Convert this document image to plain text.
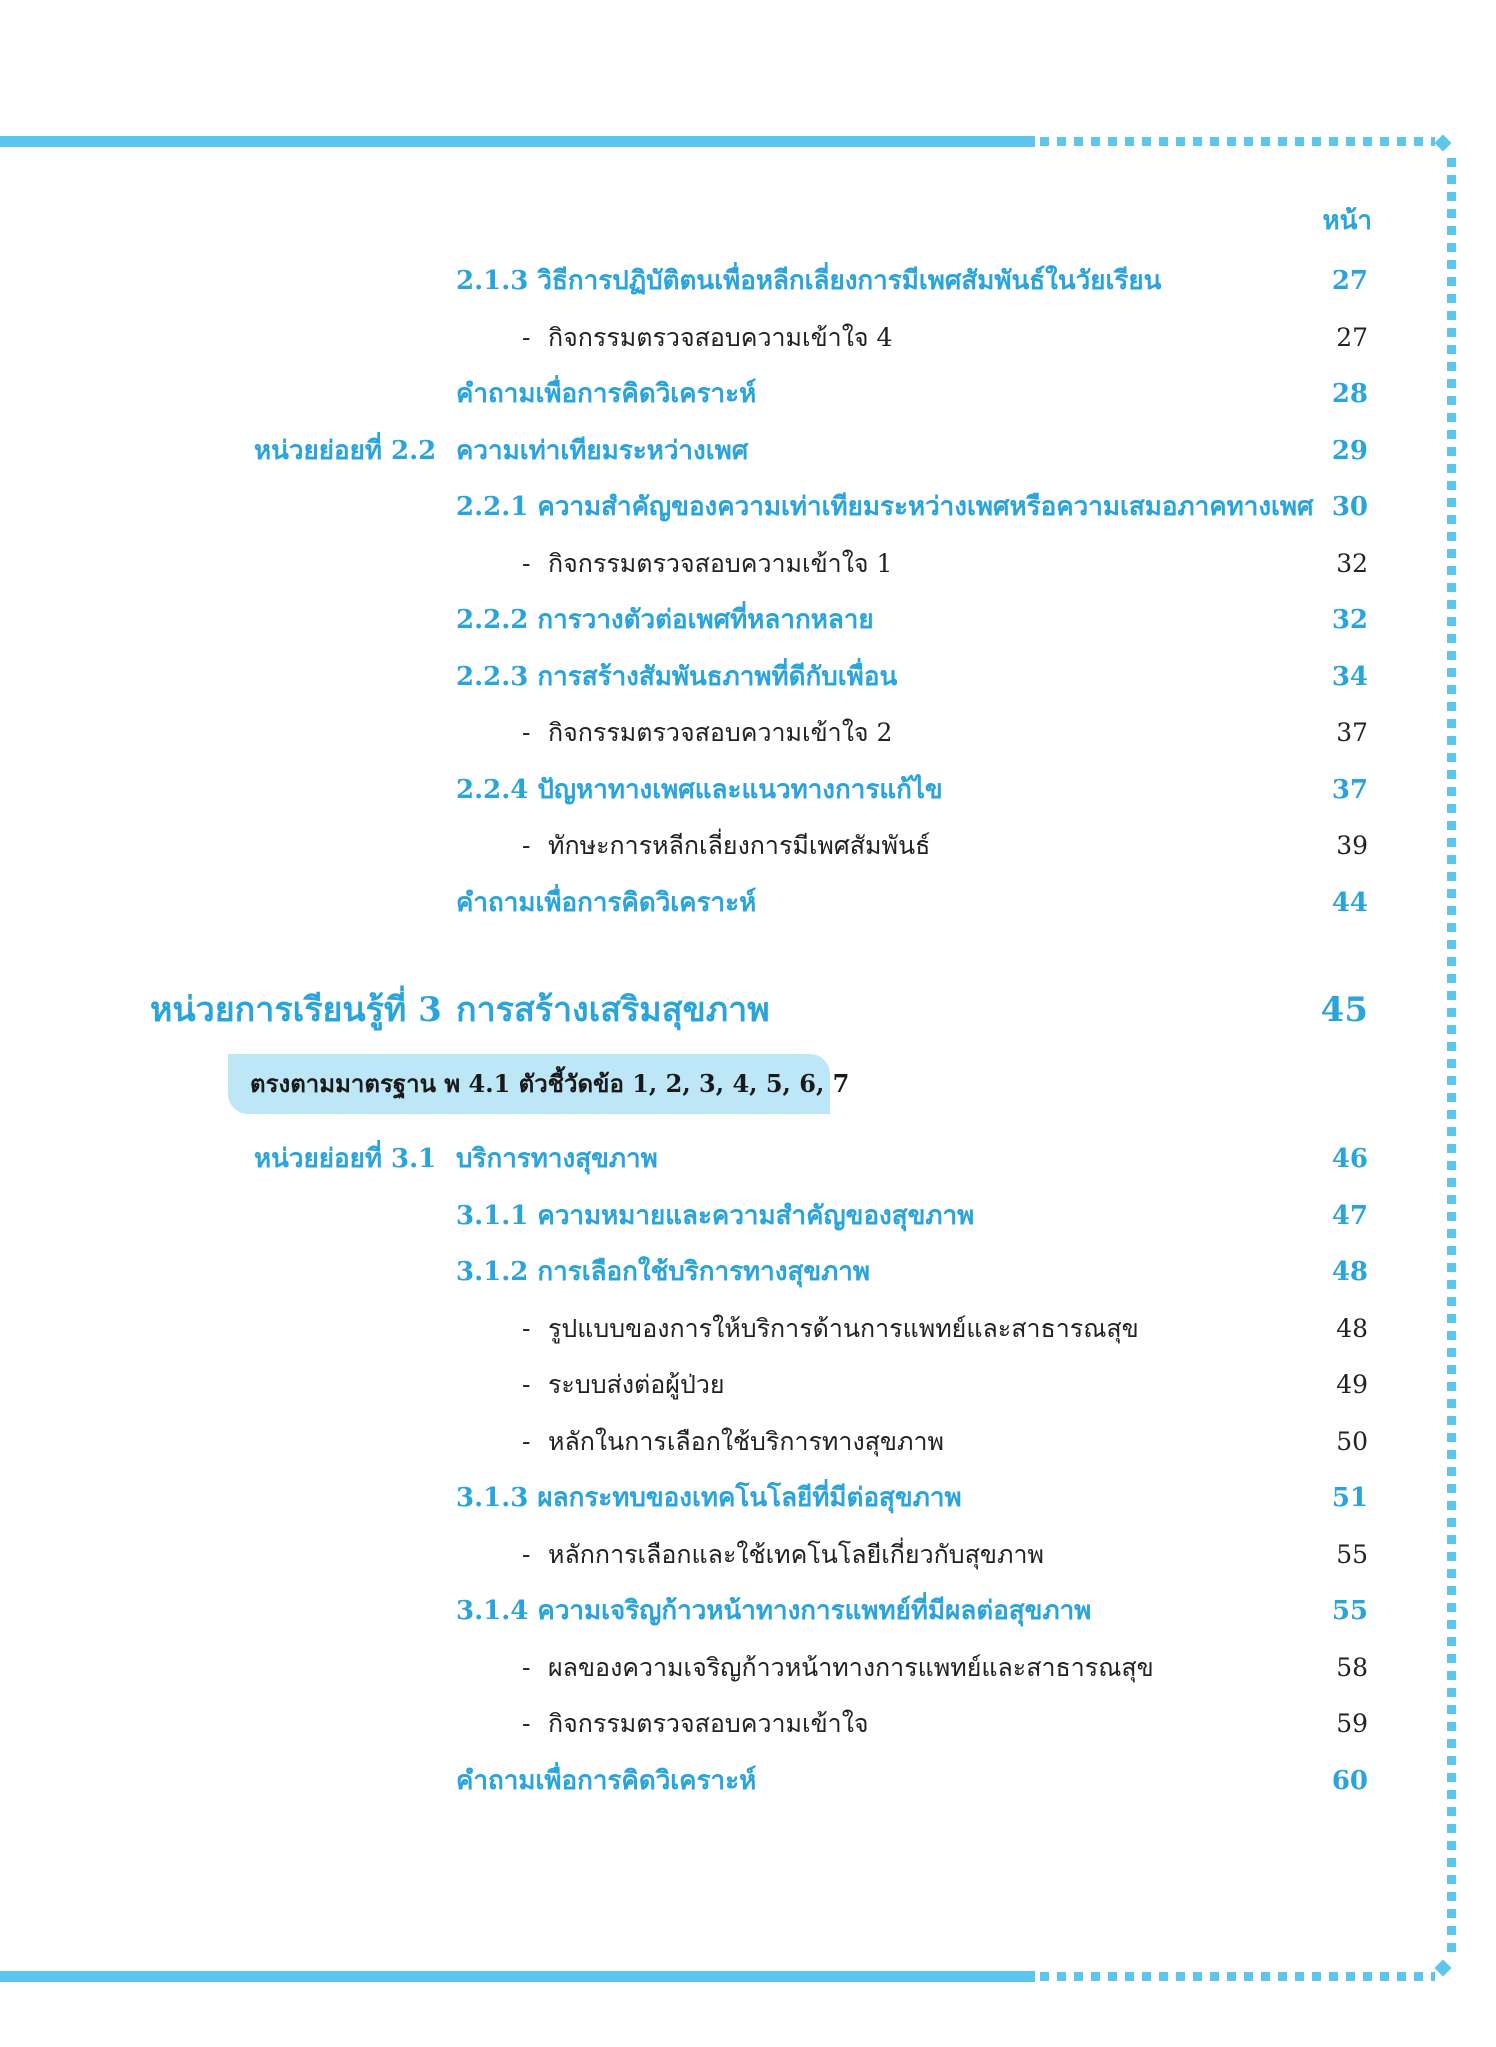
หน้า
2.1.3 วิธีการปฏิบัติตนเพื่อหลีกเลี่ยงการมีเพศสัมพันธ์ในวัยเรียน	27
- กิจกรรมตรวจสอบความเข้าใจ 4	27
คำถามเพื่อการคิดวิเคราะห์	28
หน่วยย่อยที่ 2.2 ความเท่าเทียมระหว่างเพศ	29
2.2.1 ความสำคัญของความเท่าเทียมระหว่างเพศหรือความเสมอภาคทางเพศ 30
- กิจกรรมตรวจสอบความเข้าใจ 1	32
2.2.2 การวางตัวต่อเพศที่หลากหลาย	32
2.2.3 การสร้างสัมพันธภาพที่ดีกับเพื่อน	34
- กิจกรรมตรวจสอบความเข้าใจ 2	37
2.2.4 ปัญหาทางเพศและแนวทางการแก้ไข	37
- ทักษะการหลีกเลี่ยงการมีเพศสัมพันธ์	39
คำถามเพื่อการคิดวิเคราะห์	44
หน่วยการเรียนรู้ที่ 3 การสร้างเสริมสุขภาพ	45
ตรงตามมาตรฐาน พ 4.1 ตัวชี้วัดข้อ 1, 2, 3, 4, 5, 6, 7
หน่วยย่อยที่ 3.1 บริการทางสุขภาพ	46
3.1.1 ความหมายและความสำคัญของสุขภาพ	47
3.1.2 การเลือกใช้บริการทางสุขภาพ	48
- รูปแบบของการให้บริการด้านการแพทย์และสาธารณสุข	48
- ระบบส่งต่อผู้ป่วย	49
- หลักในการเลือกใช้บริการทางสุขภาพ	50
3.1.3 ผลกระทบของเทคโนโลยีที่มีต่อสุขภาพ	51
- หลักการเลือกและใช้เทคโนโลยีเกี่ยวกับสุขภาพ	55
3.1.4 ความเจริญก้าวหน้าทางการแพทย์ที่มีผลต่อสุขภาพ	55
- ผลของความเจริญก้าวหน้าทางการแพทย์และสาธารณสุข	58
- กิจกรรมตรวจสอบความเข้าใจ	59
คำถามเพื่อการคิดวิเคราะห์	60
